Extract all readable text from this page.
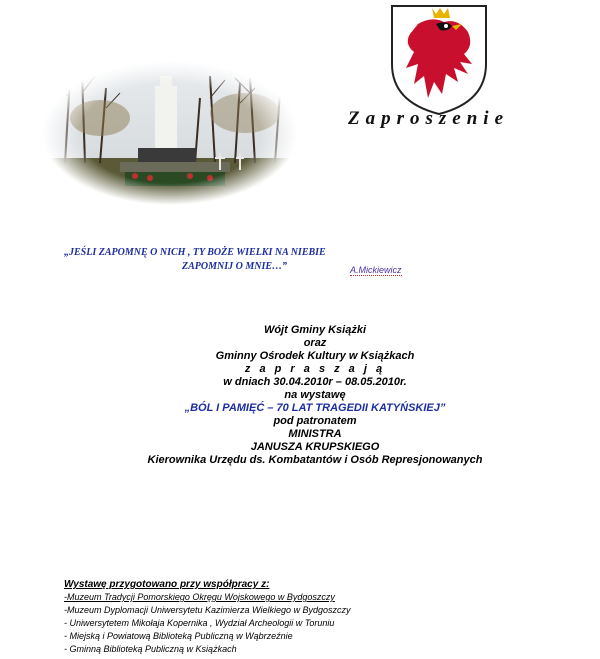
Zaproszenie
„JEŚLI ZAPOMNĘ O NICH , TY BOŻE WIELKI NA NIEBIE
ZAPOMNIJ O MNIE…”	A.Mickiewicz
Wójt Gminy Książki
oraz
Gminny Ośrodek Kultury w Książkach
z a p r a s z a j ą
w dniach 30.04.2010r – 08.05.2010r.
na wystawę
„BÓL I PAMIĘĆ – 70 LAT TRAGEDII KATYŃSKIEJ”
pod patronatem
MINISTRA
JANUSZA KRUPSKIEGO
Kierownika Urzędu ds. Kombatantów i Osób Represjonowanych
Wystawę przygotowano przy współpracy z:
-Muzeum Tradycji Pomorskiego Okręgu Wojskowego w Bydgoszczy
-Muzeum Dyplomacji Uniwersytetu Kazimierza Wielkiego w Bydgoszczy
- Uniwersytetem Mikołaja Kopernika , Wydział Archeologii w Toruniu
- Miejską i Powiatową Biblioteką Publiczną w Wąbrzeźnie
- Gminną Biblioteką Publiczną w Książkach
